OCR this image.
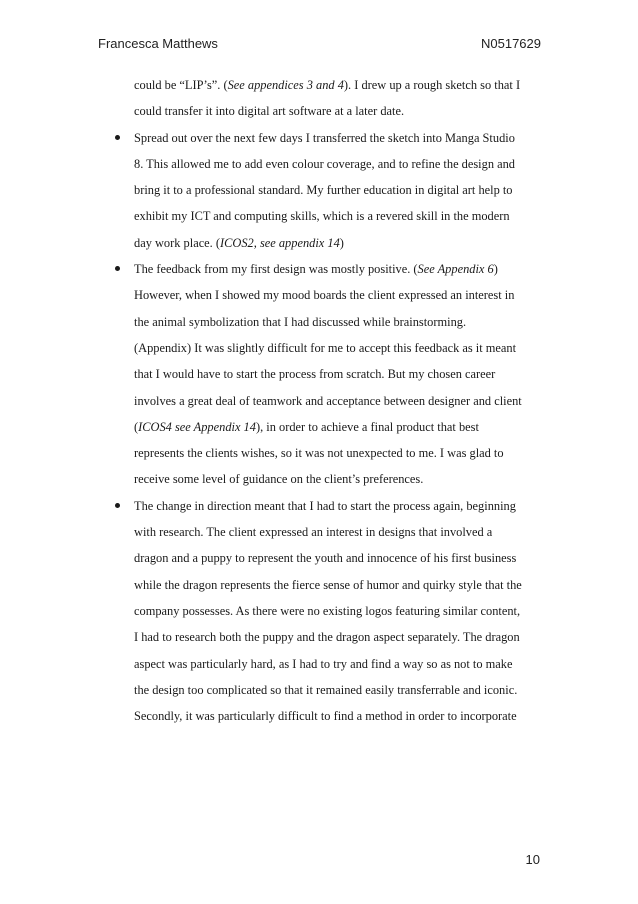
Francesca Matthews	N0517629
could be “LIP’s”. (See appendices 3 and 4). I drew up a rough sketch so that I
could transfer it into digital art software at a later date.
Spread out over the next few days I transferred the sketch into Manga Studio
8. This allowed me to add even colour coverage, and to refine the design and
bring it to a professional standard. My further education in digital art help to
exhibit my ICT and computing skills, which is a revered skill in the modern
day work place. (ICOS2, see appendix 14)
The feedback from my first design was mostly positive. (See Appendix 6)
However, when I showed my mood boards the client expressed an interest in
the animal symbolization that I had discussed while brainstorming.
(Appendix) It was slightly difficult for me to accept this feedback as it meant
that I would have to start the process from scratch. But my chosen career
involves a great deal of teamwork and acceptance between designer and client
(ICOS4 see Appendix 14), in order to achieve a final product that best
represents the clients wishes, so it was not unexpected to me. I was glad to
receive some level of guidance on the client’s preferences.
The change in direction meant that I had to start the process again, beginning
with research. The client expressed an interest in designs that involved a
dragon and a puppy to represent the youth and innocence of his first business
while the dragon represents the fierce sense of humor and quirky style that the
company possesses. As there were no existing logos featuring similar content,
I had to research both the puppy and the dragon aspect separately. The dragon
aspect was particularly hard, as I had to try and find a way so as not to make
the design too complicated so that it remained easily transferrable and iconic.
Secondly, it was particularly difficult to find a method in order to incorporate
10
